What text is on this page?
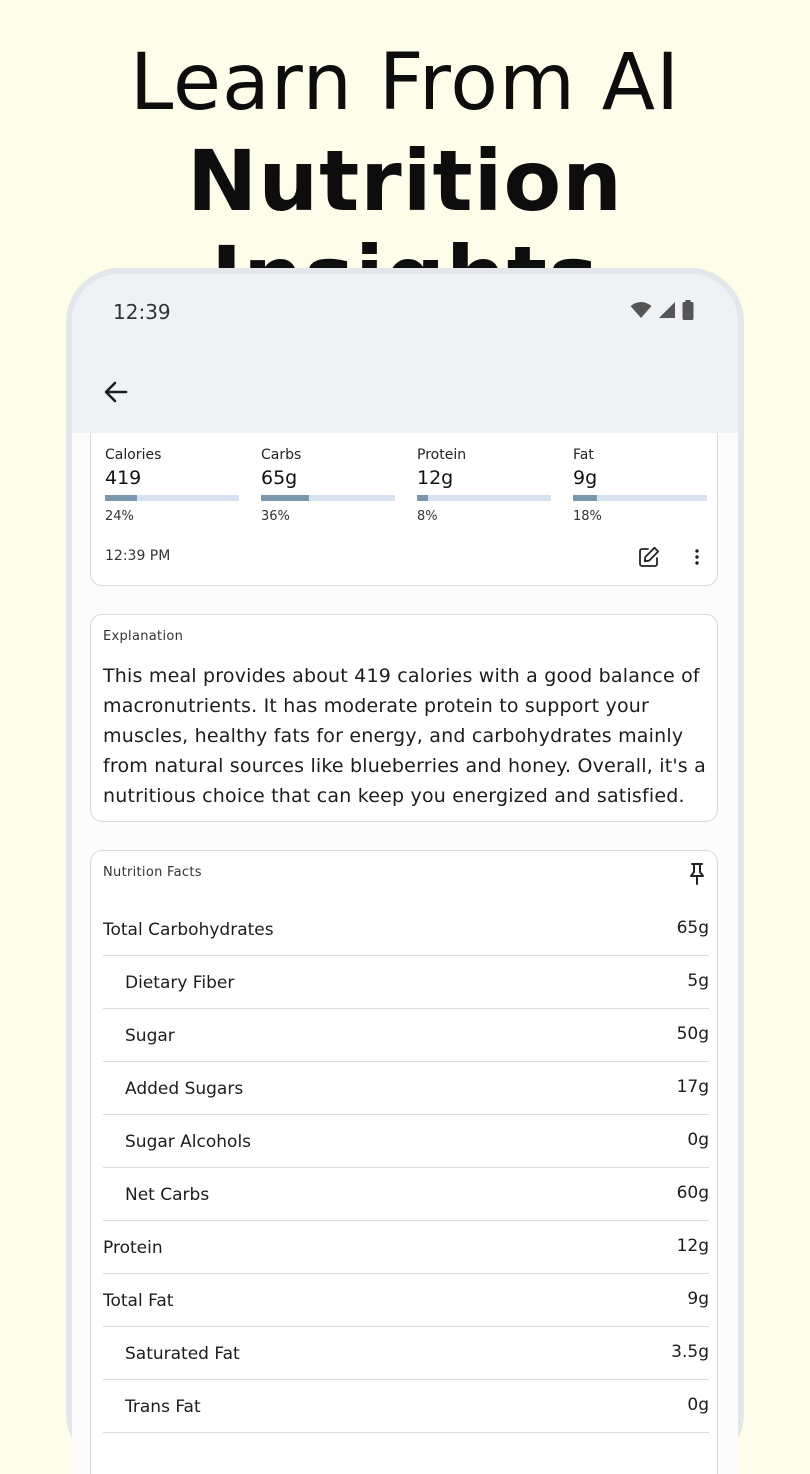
Learn From AI
Nutrition
12:39
Calories
419
24%
Carbs
65g
36%
Protein
12g
8%
Fat
9g
18%
12:39 PM
Explanation
This meal provides about 419 calories with a good balance of macronutrients. It has moderate protein to support your muscles, healthy fats for energy, and carbohydrates mainly from natural sources like blueberries and honey. Overall, it's a nutritious choice that can keep you energized and satisfied.
Nutrition Facts
Total Carbohydrates	65g
Dietary Fiber	5g
Sugar	50g
Added Sugars	17g
Sugar Alcohols	0g
Net Carbs	60g
Protein	12g
Total Fat	9g
Saturated Fat	3.5g
Trans Fat	0g
